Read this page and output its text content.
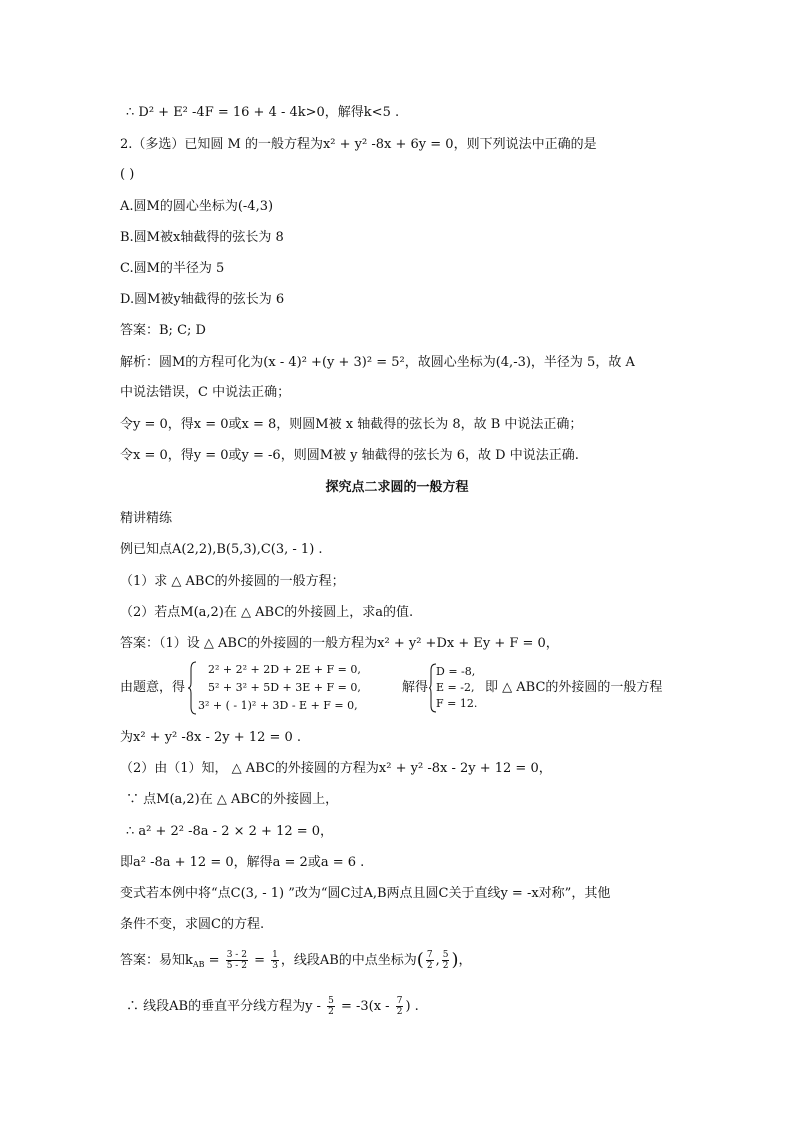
∴ D² + E² -4F = 16 + 4 - 4k>0，解得k<5 .
2.（多选）已知圆 M 的一般方程为x² + y² -8x + 6y = 0，则下列说法中正确的是
( )
A.圆M的圆心坐标为(-4,3)
B.圆M被x轴截得的弦长为 8
C.圆M的半径为 5
D.圆M被y轴截得的弦长为 6
答案：B; C; D
解析：圆M的方程可化为(x - 4)² +(y + 3)² = 5²，故圆心坐标为(4,-3)，半径为 5，故 A
中说法错误，C 中说法正确；
令y = 0，得x = 0或x = 8，则圆M被 x 轴截得的弦长为 8，故 B 中说法正确；
令x = 0，得y = 0或y = -6，则圆M被 y 轴截得的弦长为 6，故 D 中说法正确.
探究点二求圆的一般方程
精讲精练
例已知点A(2,2),B(5,3),C(3, - 1) .
（1）求 △ ABC的外接圆的一般方程；
（2）若点M(a,2)在 △ ABC的外接圆上，求a的值.
答案：（1）设 △ ABC的外接圆的一般方程为x² + y² +Dx + Ey + F = 0，
由题意，得
2² + 2² + 2D + 2E + F = 0,
5² + 3² + 5D + 3E + F = 0,
3² + ( - 1)² + 3D - E + F = 0,
解得
D = -8,
E = -2,
F = 12.
即 △ ABC的外接圆的一般方程
为x² + y² -8x - 2y + 12 = 0 .
（2）由（1）知， △ ABC的外接圆的方程为x² + y² -8x - 2y + 12 = 0，
∵ 点M(a,2)在 △ ABC的外接圆上，
∴ a² + 2² -8a - 2 × 2 + 12 = 0，
即a² -8a + 12 = 0，解得a = 2或a = 6 .
变式若本例中将“点C(3, - 1) ”改为“圆C过A,B两点且圆C关于直线y = -x对称”，其他
条件不变，求圆C的方程.
答案：易知$k_{AB} = \frac{3 - 2}{5 - 2} = \frac{1}{3}$ ，线段AB的中点坐标为( $\frac{7}{2}$ , $\frac{5}{2}$ )，
∴ 线段AB的垂直平分线方程为$y - \frac{5}{2} = -3(x - \frac{7}{2}$ ) .
